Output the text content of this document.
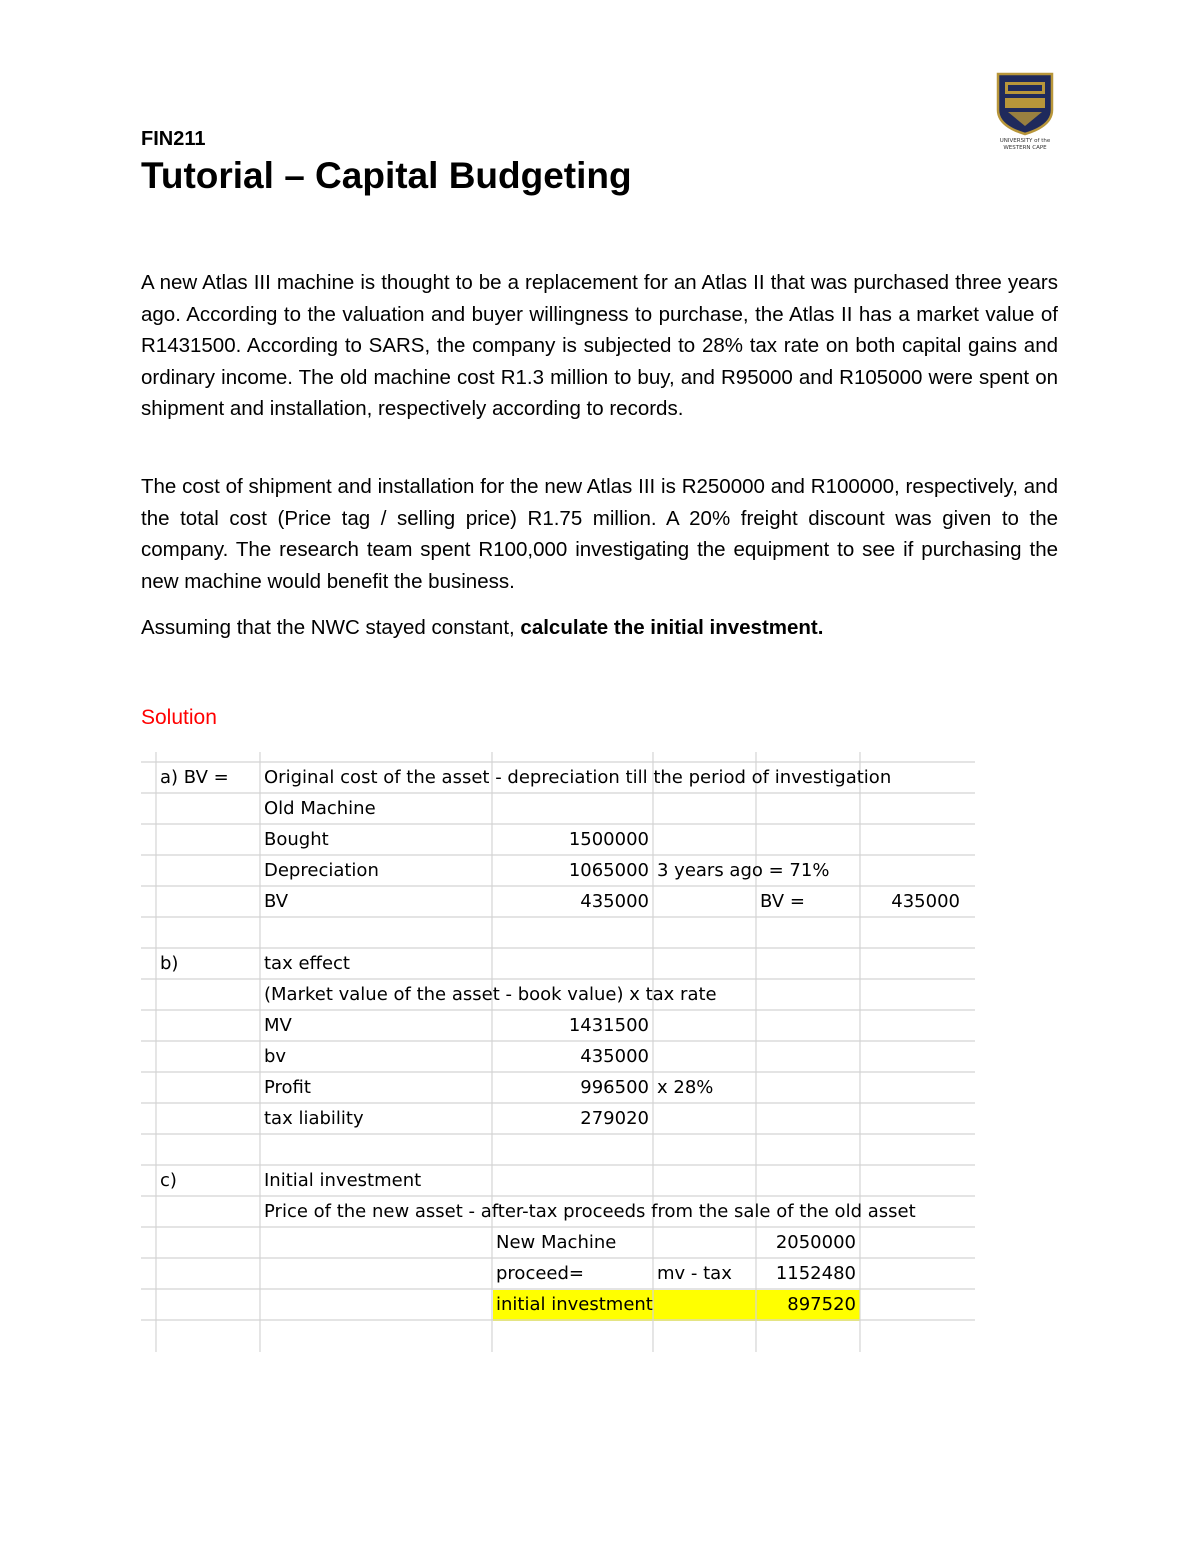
FIN211
Tutorial – Capital Budgeting
UNIVERSITY of the
WESTERN CAPE

A new Atlas III machine is thought to be a replacement for an Atlas II that was purchased three years ago. According to the valuation and buyer willingness to purchase, the Atlas II has a market value of R1431500. According to SARS, the company is subjected to 28% tax rate on both capital gains and ordinary income. The old machine cost R1.3 million to buy, and R95000 and R105000 were spent on shipment and installation, respectively according to records.

The cost of shipment and installation for the new Atlas III is R250000 and R100000, respectively, and the total cost (Price tag / selling price) R1.75 million. A 20% freight discount was given to the company. The research team spent R100,000 investigating the equipment to see if purchasing the new machine would benefit the business.

Assuming that the NWC stayed constant, calculate the initial investment.

Solution
a) BV = Original cost of the asset - depreciation till the period of investigation
Old Machine
Bought	1500000
Depreciation	1065000 3 years ago = 71%
BV	435000	BV =	435000
b)	tax effect
(Market value of the asset - book value) x tax rate
MV	1431500
bv	435000
Profit	996500 x 28%
tax liability	279020
c)	Initial investment
Price of the new asset - after-tax proceeds from the sale of the old asset
New Machine	2050000
proceed=	mv - tax	1152480
initial investment	897520
